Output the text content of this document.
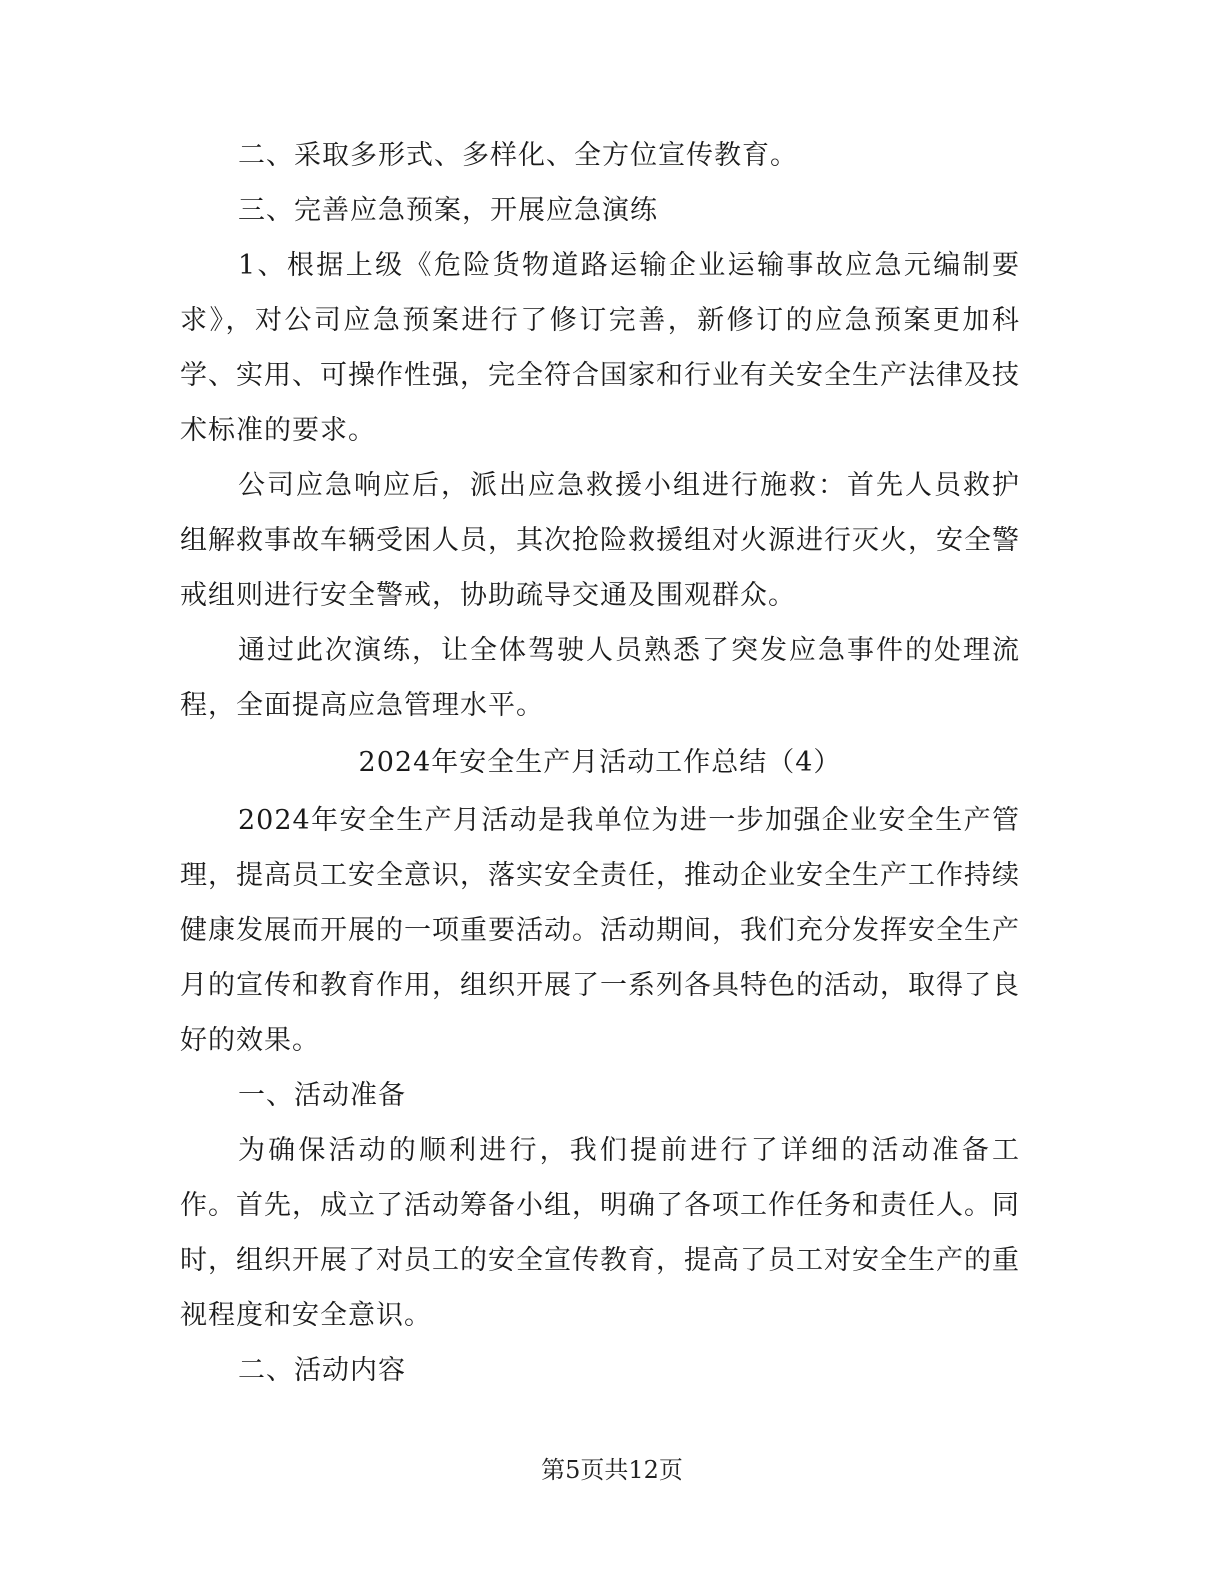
二、采取多形式、多样化、全方位宣传教育。

三、完善应急预案，开展应急演练

1、根据上级《危险货物道路运输企业运输事故应急元编制要求》，对公司应急预案进行了修订完善，新修订的应急预案更加科学、实用、可操作性强，完全符合国家和行业有关安全生产法律及技术标准的要求。

公司应急响应后，派出应急救援小组进行施救：首先人员救护组解救事故车辆受困人员，其次抢险救援组对火源进行灭火，安全警戒组则进行安全警戒，协助疏导交通及围观群众。

通过此次演练，让全体驾驶人员熟悉了突发应急事件的处理流程，全面提高应急管理水平。

2024年安全生产月活动工作总结（4）

2024年安全生产月活动是我单位为进一步加强企业安全生产管理，提高员工安全意识，落实安全责任，推动企业安全生产工作持续健康发展而开展的一项重要活动。活动期间，我们充分发挥安全生产月的宣传和教育作用，组织开展了一系列各具特色的活动，取得了良好的效果。

一、活动准备

为确保活动的顺利进行，我们提前进行了详细的活动准备工作。首先，成立了活动筹备小组，明确了各项工作任务和责任人。同时，组织开展了对员工的安全宣传教育，提高了员工对安全生产的重视程度和安全意识。

二、活动内容

第5页共12页
